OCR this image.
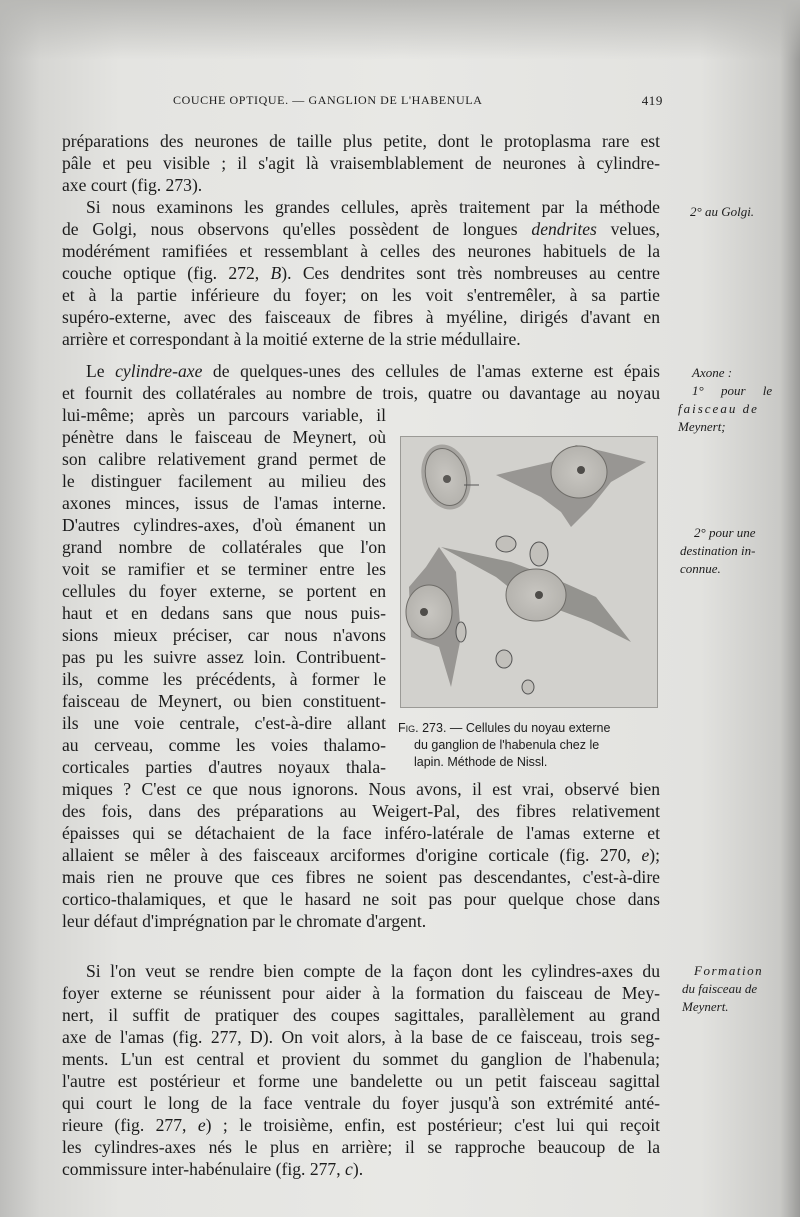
COUCHE OPTIQUE. — GANGLION DE L'HABENULA	419
préparations des neurones de taille plus petite, dont le protoplasma rare est
pâle et peu visible ; il s'agit là vraisemblablement de neurones à cylindre-
axe court (fig. 273).
Si nous examinons les grandes cellules, après traitement par la méthode
de Golgi, nous observons qu'elles possèdent de longues dendrites velues,
modérément ramifiées et ressemblant à celles des neurones habituels de la
couche optique (fig. 272, B). Ces dendrites sont très nombreuses au centre
et à la partie inférieure du foyer; on les voit s'entremêler, à sa partie
supéro-externe, avec des faisceaux de fibres à myéline, dirigés d'avant en
arrière et correspondant à la moitié externe de la strie médullaire.
Le cylindre-axe de quelques-unes des cellules de l'amas externe est épais
et fournit des collatérales au nombre de trois, quatre ou davantage au noyau
lui-même; après un parcours variable, il
pénètre dans le faisceau de Meynert, où
son calibre relativement grand permet de
le distinguer facilement au milieu des
axones minces, issus de l'amas interne.
D'autres cylindres-axes, d'où émanent un
grand nombre de collatérales que l'on
voit se ramifier et se terminer entre les
cellules du foyer externe, se portent en
haut et en dedans sans que nous puis-
sions mieux préciser, car nous n'avons
pas pu les suivre assez loin. Contribuent-
ils, comme les précédents, à former le
faisceau de Meynert, ou bien constituent-
ils une voie centrale, c'est-à-dire allant
au cerveau, comme les voies thalamo-
corticales parties d'autres noyaux thala-
Fig. 273. — Cellules du noyau externe
du ganglion de l'habenula chez le
lapin. Méthode de Nissl.
miques ? C'est ce que nous ignorons. Nous avons, il est vrai, observé bien
des fois, dans des préparations au Weigert-Pal, des fibres relativement
épaisses qui se détachaient de la face inféro-latérale de l'amas externe et
allaient se mêler à des faisceaux arciformes d'origine corticale (fig. 270, e);
mais rien ne prouve que ces fibres ne soient pas descendantes, c'est-à-dire
cortico-thalamiques, et que le hasard ne soit pas pour quelque chose dans
leur défaut d'imprégnation par le chromate d'argent.
Si l'on veut se rendre bien compte de la façon dont les cylindres-axes du
foyer externe se réunissent pour aider à la formation du faisceau de Mey-
nert, il suffit de pratiquer des coupes sagittales, parallèlement au grand
axe de l'amas (fig. 277, D). On voit alors, à la base de ce faisceau, trois seg-
ments. L'un est central et provient du sommet du ganglion de l'habenula;
l'autre est postérieur et forme une bandelette ou un petit faisceau sagittal
qui court le long de la face ventrale du foyer jusqu'à son extrémité anté-
rieure (fig. 277, e) ; le troisième, enfin, est postérieur; c'est lui qui reçoit
les cylindres-axes nés le plus en arrière; il se rapproche beaucoup de la
commissure inter-habénulaire (fig. 277, c).
2° au Golgi.
Axone :
1° pour le
faisceau de
Meynert;
2° pour une
destination in-
connue.
Formation
du faisceau de
Meynert.
